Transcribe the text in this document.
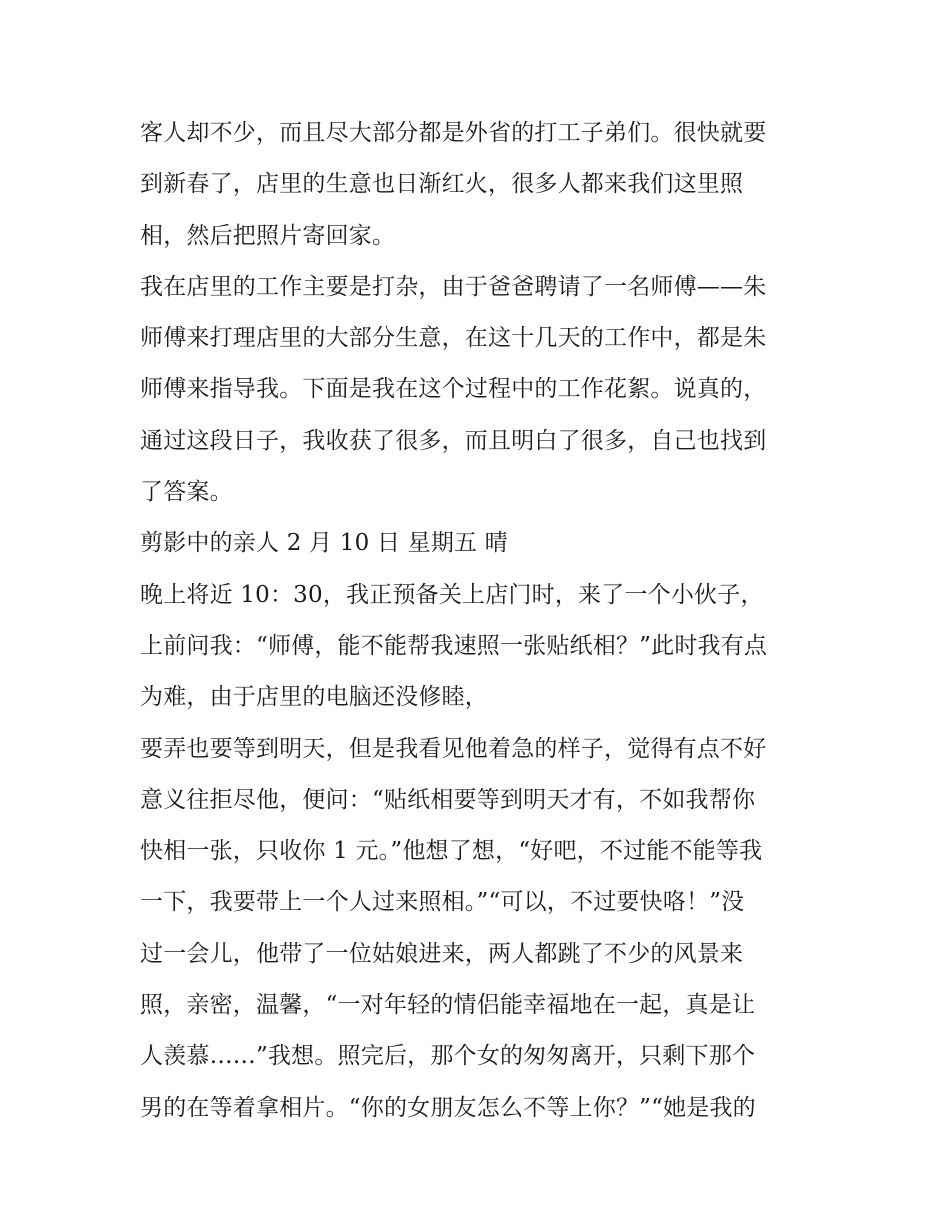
客人却不少，而且尽大部分都是外省的打工子弟们。很快就要
到新春了，店里的生意也日渐红火，很多人都来我们这里照
相，然后把照片寄回家。
我在店里的工作主要是打杂，由于爸爸聘请了一名师傅——朱
师傅来打理店里的大部分生意，在这十几天的工作中，都是朱
师傅来指导我。下面是我在这个过程中的工作花絮。说真的，
通过这段日子，我收获了很多，而且明白了很多，自己也找到
了答案。
剪影中的亲人 2 月 10 日 星期五 晴
晚上将近 10：30，我正预备关上店门时，来了一个小伙子，
上前问我：“师傅，能不能帮我速照一张贴纸相？”此时我有点
为难，由于店里的电脑还没修睦，
要弄也要等到明天，但是我看见他着急的样子，觉得有点不好
意义往拒尽他，便问：“贴纸相要等到明天才有，不如我帮你
快相一张，只收你 1 元。”他想了想，“好吧，不过能不能等我
一下，我要带上一个人过来照相。”“可以，不过要快咯！”没
过一会儿，他带了一位姑娘进来，两人都跳了不少的风景来
照，亲密，温馨，“一对年轻的情侣能幸福地在一起，真是让
人羡慕……”我想。照完后，那个女的匆匆离开，只剩下那个
男的在等着拿相片。“你的女朋友怎么不等上你？”“她是我的
